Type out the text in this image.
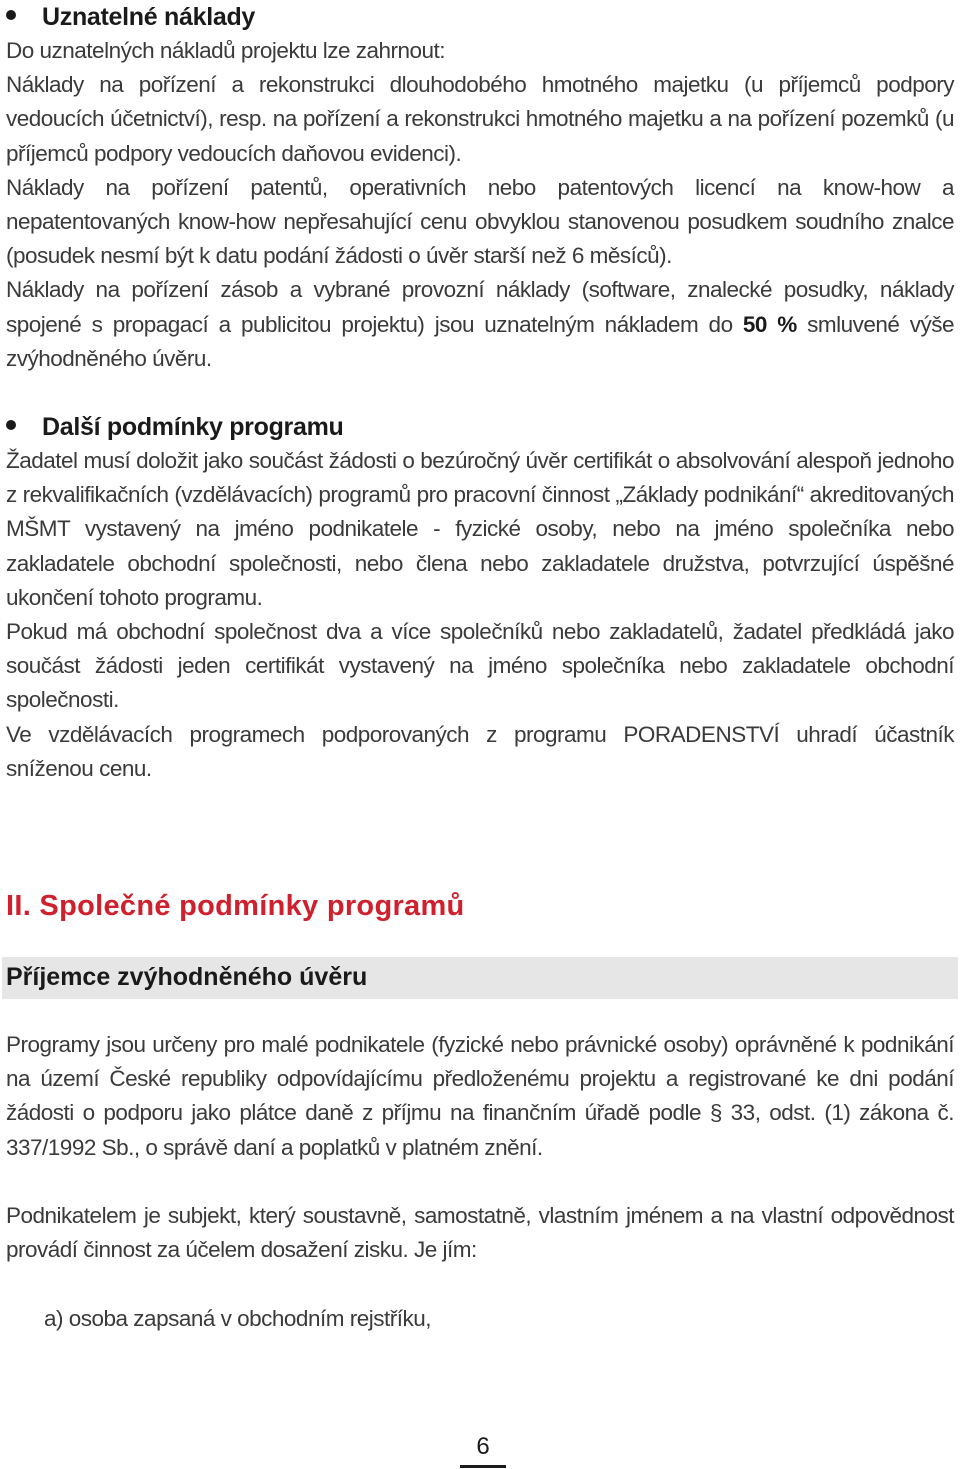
Uznatelné náklady

Do uznatelných nákladů projektu lze zahrnout:

Náklady na pořízení a rekonstrukci dlouhodobého hmotného majetku (u příjemců podpory vedoucích účetnictví), resp. na pořízení a rekonstrukci hmotného majetku a na pořízení pozemků (u příjemců podpory vedoucích daňovou evidenci).

Náklady na pořízení patentů, operativních nebo patentových licencí na know-how a nepatentovaných know-how nepřesahující cenu obvyklou stanovenou posudkem soudního znalce (posudek nesmí být k datu podání žádosti o úvěr starší než 6 měsíců).

Náklady na pořízení zásob a vybrané provozní náklady (software, znalecké posudky, náklady spojené s propagací a publicitou projektu) jsou uznatelným nákladem do 50 % smluvené výše zvýhodněného úvěru.

Další podmínky programu

Žadatel musí doložit jako součást žádosti o bezúročný úvěr certifikát o absolvování alespoň jednoho z rekvalifikačních (vzdělávacích) programů pro pracovní činnost „Základy podnikání“ akreditovaných MŠMT vystavený na jméno podnikatele - fyzické osoby, nebo na jméno společníka nebo zakladatele obchodní společnosti, nebo člena nebo zakladatele družstva, potvrzující úspěšné ukončení tohoto programu.

Pokud má obchodní společnost dva a více společníků nebo zakladatelů, žadatel předkládá jako součást žádosti jeden certifikát vystavený na jméno společníka nebo zakladatele obchodní společnosti.

Ve vzdělávacích programech podporovaných z programu PORADENSTVÍ uhradí účastník sníženou cenu.

II. Společné podmínky programů
Příjemce zvýhodněného úvěru

Programy jsou určeny pro malé podnikatele (fyzické nebo právnické osoby) oprávněné k podnikání na území České republiky odpovídajícímu předloženému projektu a registrované ke dni podání žádosti o podporu jako plátce daně z příjmu na finančním úřadě podle § 33, odst. (1) zákona č. 337/1992 Sb., o správě daní a poplatků v platném znění.

Podnikatelem je subjekt, který soustavně, samostatně, vlastním jménem a na vlastní odpovědnost provádí činnost za účelem dosažení zisku. Je jím:

a) osoba zapsaná v obchodním rejstříku,
6
